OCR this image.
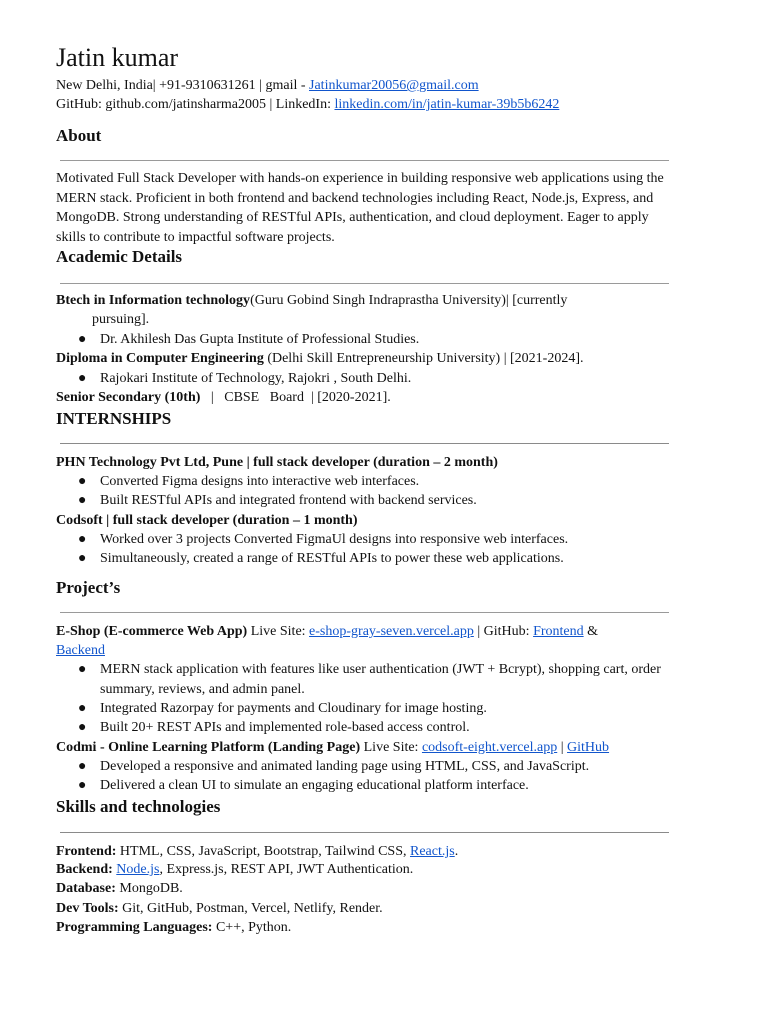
Jatin kumar
New Delhi, India| +91-9310631261 | gmail - Jatinkumar20056@gmail.com
GitHub: github.com/jatinsharma2005 | LinkedIn: linkedin.com/in/jatin-kumar-39b5b6242
About
Motivated Full Stack Developer with hands-on experience in building responsive web applications using the MERN stack. Proficient in both frontend and backend technologies including React, Node.js, Express, and MongoDB. Strong understanding of RESTful APIs, authentication, and cloud deployment. Eager to apply skills to contribute to impactful software projects.
Academic Details
Btech in Information technology(Guru Gobind Singh Indraprastha University)| [currently
pursuing].
● Dr. Akhilesh Das Gupta Institute of Professional Studies.
Diploma in Computer Engineering (Delhi Skill Entrepreneurship University) | [2021-2024].
● Rajokari Institute of Technology, Rajokri , South Delhi.
Senior Secondary (10th)   |   CBSE   Board  | [2020-2021].
INTERNSHIPS
PHN Technology Pvt Ltd, Pune | full stack developer (duration – 2 month)
● Converted Figma designs into interactive web interfaces.
● Built RESTful APIs and integrated frontend with backend services.
Codsoft | full stack developer (duration – 1 month)
● Worked over 3 projects Converted FigmaUl designs into responsive web interfaces.
● Simultaneously, created a range of RESTful APIs to power these web applications.
Project’s
E-Shop (E-commerce Web App) Live Site: e-shop-gray-seven.vercel.app | GitHub: Frontend &
Backend
● MERN stack application with features like user authentication (JWT + Bcrypt), shopping cart, order summary, reviews, and admin panel.
● Integrated Razorpay for payments and Cloudinary for image hosting.
● Built 20+ REST APIs and implemented role-based access control.
Codmi - Online Learning Platform (Landing Page) Live Site: codsoft-eight.vercel.app | GitHub
● Developed a responsive and animated landing page using HTML, CSS, and JavaScript.
● Delivered a clean UI to simulate an engaging educational platform interface.
Skills and technologies
Frontend: HTML, CSS, JavaScript, Bootstrap, Tailwind CSS, React.js.
Backend: Node.js, Express.js, REST API, JWT Authentication.
Database: MongoDB.
Dev Tools: Git, GitHub, Postman, Vercel, Netlify, Render.
Programming Languages: C++, Python.
